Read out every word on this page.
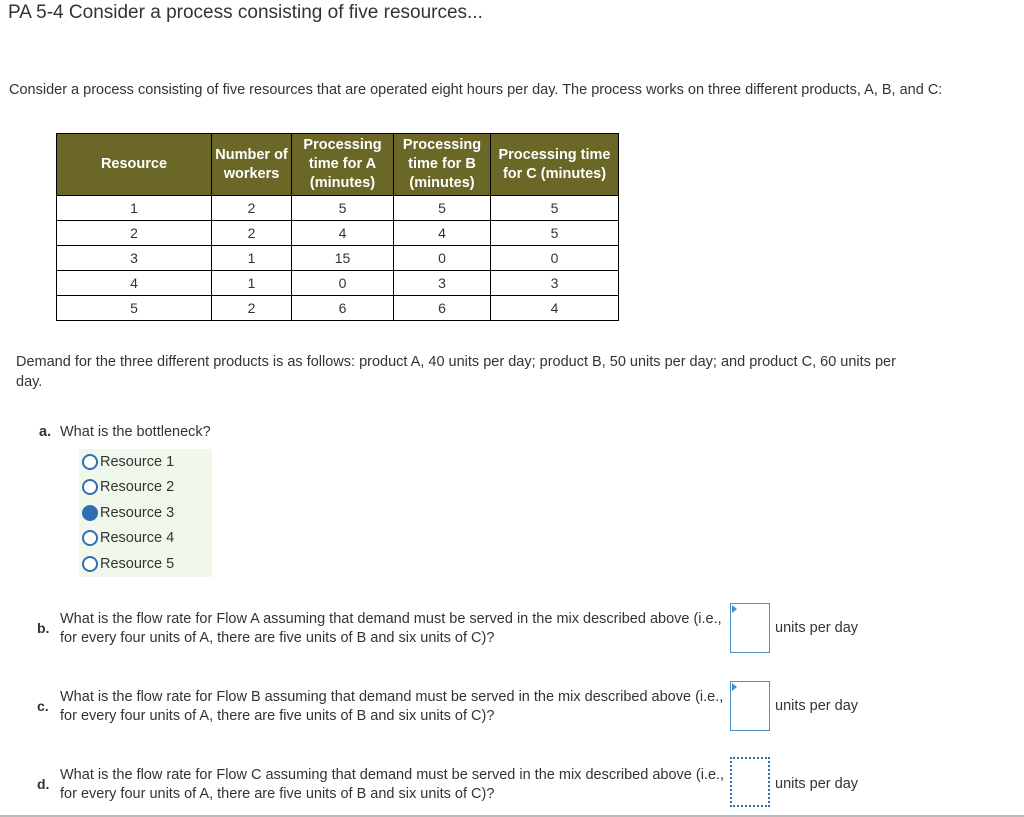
PA 5-4 Consider a process consisting of five resources...
Consider a process consisting of five resources that are operated eight hours per day. The process works on three different products, A, B, and C:
Resource	Number of workers	Processing time for A (minutes)	Processing time for B (minutes)	Processing time for C (minutes)
1	2	5	5	5
2	2	4	4	5
3	1	15	0	0
4	1	0	3	3
5	2	6	6	4
Demand for the three different products is as follows: product A, 40 units per day; product B, 50 units per day; and product C, 60 units per day.
a. What is the bottleneck?
Resource 1
Resource 2
Resource 3
Resource 4
Resource 5
b.
What is the flow rate for Flow A assuming that demand must be served in the mix described above (i.e., for every four units of A, there are five units of B and six units of C)?
units per day
c.
What is the flow rate for Flow B assuming that demand must be served in the mix described above (i.e., for every four units of A, there are five units of B and six units of C)?
units per day
d.
What is the flow rate for Flow C assuming that demand must be served in the mix described above (i.e., for every four units of A, there are five units of B and six units of C)?
units per day
